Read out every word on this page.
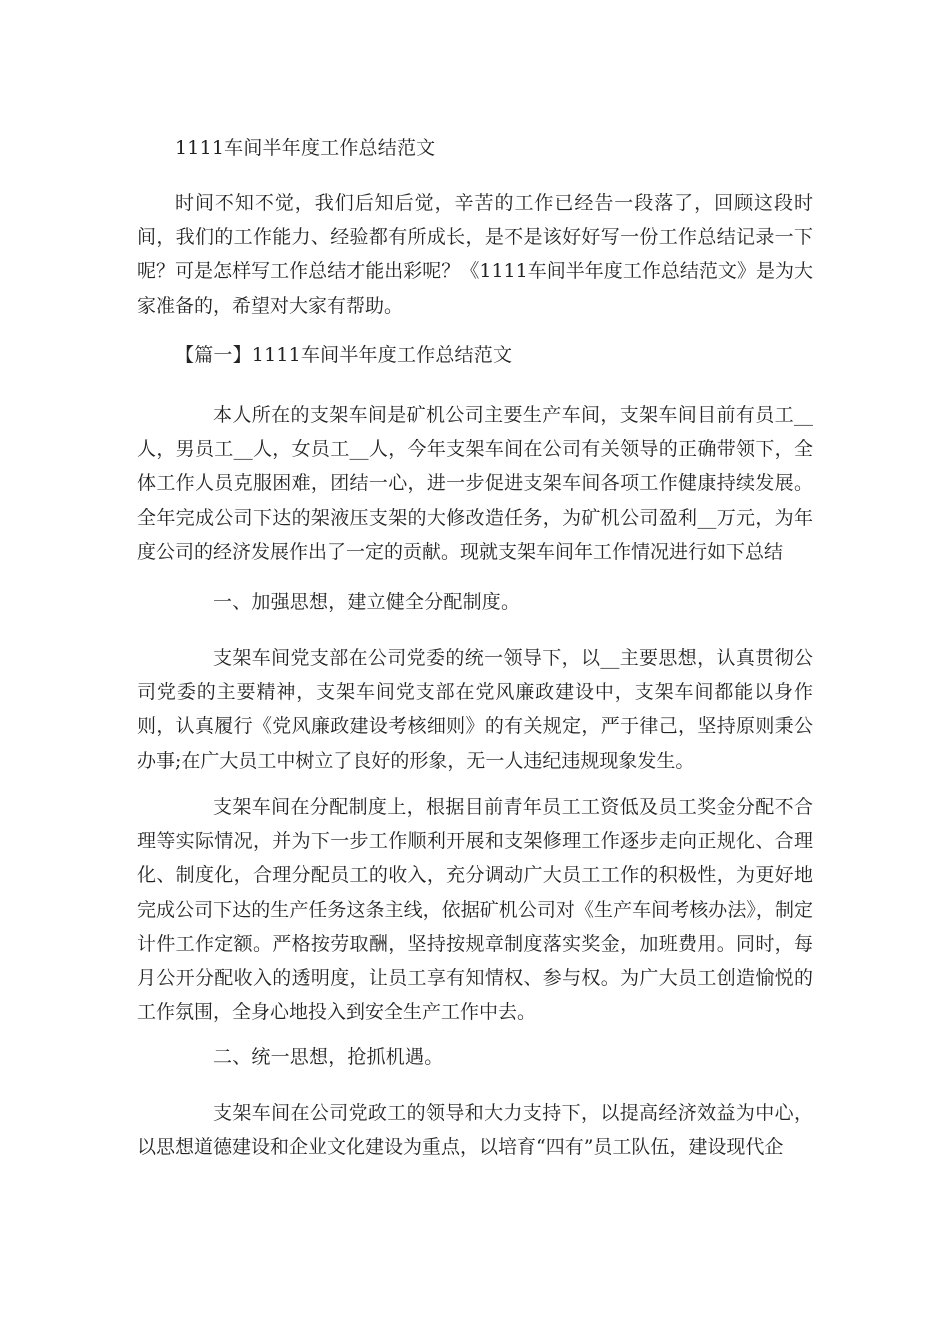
1111车间半年度工作总结范文

时间不知不觉，我们后知后觉，辛苦的工作已经告一段落了，回顾这段时间，我们的工作能力、经验都有所成长，是不是该好好写一份工作总结记录一下呢？可是怎样写工作总结才能出彩呢？《1111车间半年度工作总结范文》是为大家准备的，希望对大家有帮助。

【篇一】1111车间半年度工作总结范文

本人所在的支架车间是矿机公司主要生产车间，支架车间目前有员工__人，男员工__人，女员工__人，今年支架车间在公司有关领导的正确带领下，全体工作人员克服困难，团结一心，进一步促进支架车间各项工作健康持续发展。全年完成公司下达的架液压支架的大修改造任务，为矿机公司盈利__万元，为年度公司的经济发展作出了一定的贡献。现就支架车间年工作情况进行如下总结

一、加强思想，建立健全分配制度。

支架车间党支部在公司党委的统一领导下，以__主要思想，认真贯彻公司党委的主要精神，支架车间党支部在党风廉政建设中，支架车间都能以身作则，认真履行《党风廉政建设考核细则》的有关规定，严于律己，坚持原则秉公办事;在广大员工中树立了良好的形象，无一人违纪违规现象发生。

支架车间在分配制度上，根据目前青年员工工资低及员工奖金分配不合理等实际情况，并为下一步工作顺利开展和支架修理工作逐步走向正规化、合理化、制度化，合理分配员工的收入，充分调动广大员工工作的积极性，为更好地完成公司下达的生产任务这条主线，依据矿机公司对《生产车间考核办法》，制定计件工作定额。严格按劳取酬，坚持按规章制度落实奖金，加班费用。同时，每月公开分配收入的透明度，让员工享有知情权、参与权。为广大员工创造愉悦的工作氛围，全身心地投入到安全生产工作中去。

二、统一思想，抢抓机遇。

支架车间在公司党政工的领导和大力支持下，以提高经济效益为中心，以思想道德建设和企业文化建设为重点，以培育“四有”员工队伍，建设现代企
